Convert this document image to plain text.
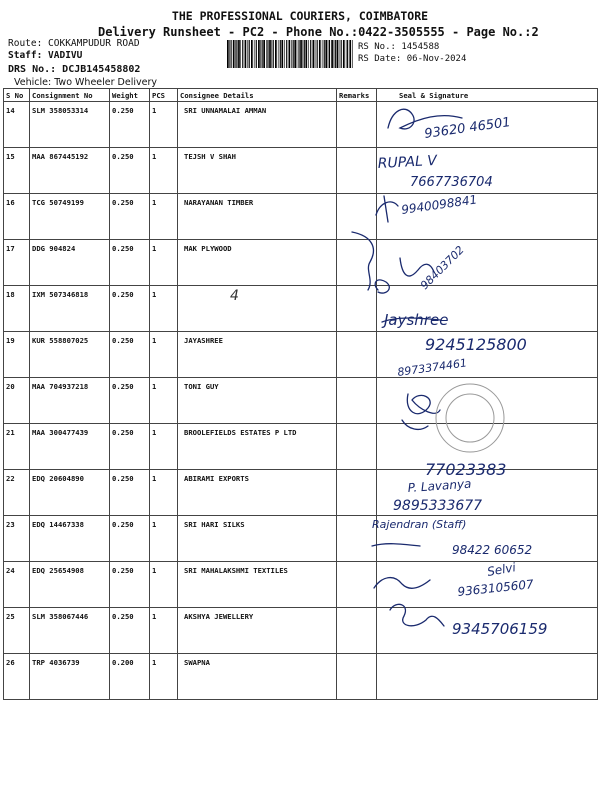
THE PROFESSIONAL COURIERS, COIMBATORE
Delivery Runsheet - PC2 - Phone No.:0422-3505555 - Page No.:2
Route: COKKAMPUDUR ROAD
Staff: VADIVU
DRS No.: DCJB145458802
Vehicle: Two Wheeler Delivery
RS No.: 1454588
RS Date: 06-Nov-2024
S No	Consignment No	Weight	PCS	Consignee Details	Remarks	Seal & Signature
14	SLM 358053314	0.250	1	SRI UNNAMALAI AMMAN		
15	MAA 867445192	0.250	1	TEJSH V SHAH		
16	TCG 50749199	0.250	1	NARAYANAN TIMBER		
17	DDG 904824	0.250	1	MAK PLYWOOD		
18	IXM 507346818	0.250	1			
19	KUR 558807025	0.250	1	JAYASHREE		
20	MAA 704937218	0.250	1	TONI GUY		
21	MAA 300477439	0.250	1	BROOLEFIELDS ESTATES P LTD		
22	EDQ 20604890	0.250	1	ABIRAMI EXPORTS		
23	EDQ 14467338	0.250	1	SRI HARI SILKS		
24	EDQ 25654908	0.250	1	SRI MAHALAKSHMI TEXTILES		
25	SLM 358067446	0.250	1	AKSHYA JEWELLERY		
26	TRP 4036739	0.200	1	SWAPNA		
93620 46501
RUPAL V
7667736704
9940098841
98403702
4
Jayshree
9245125800
8973374461
77023383
P. Lavanya
9895333677
Rajendran (Staff)
98422 60652
Selvi
9363105607
9345706159
